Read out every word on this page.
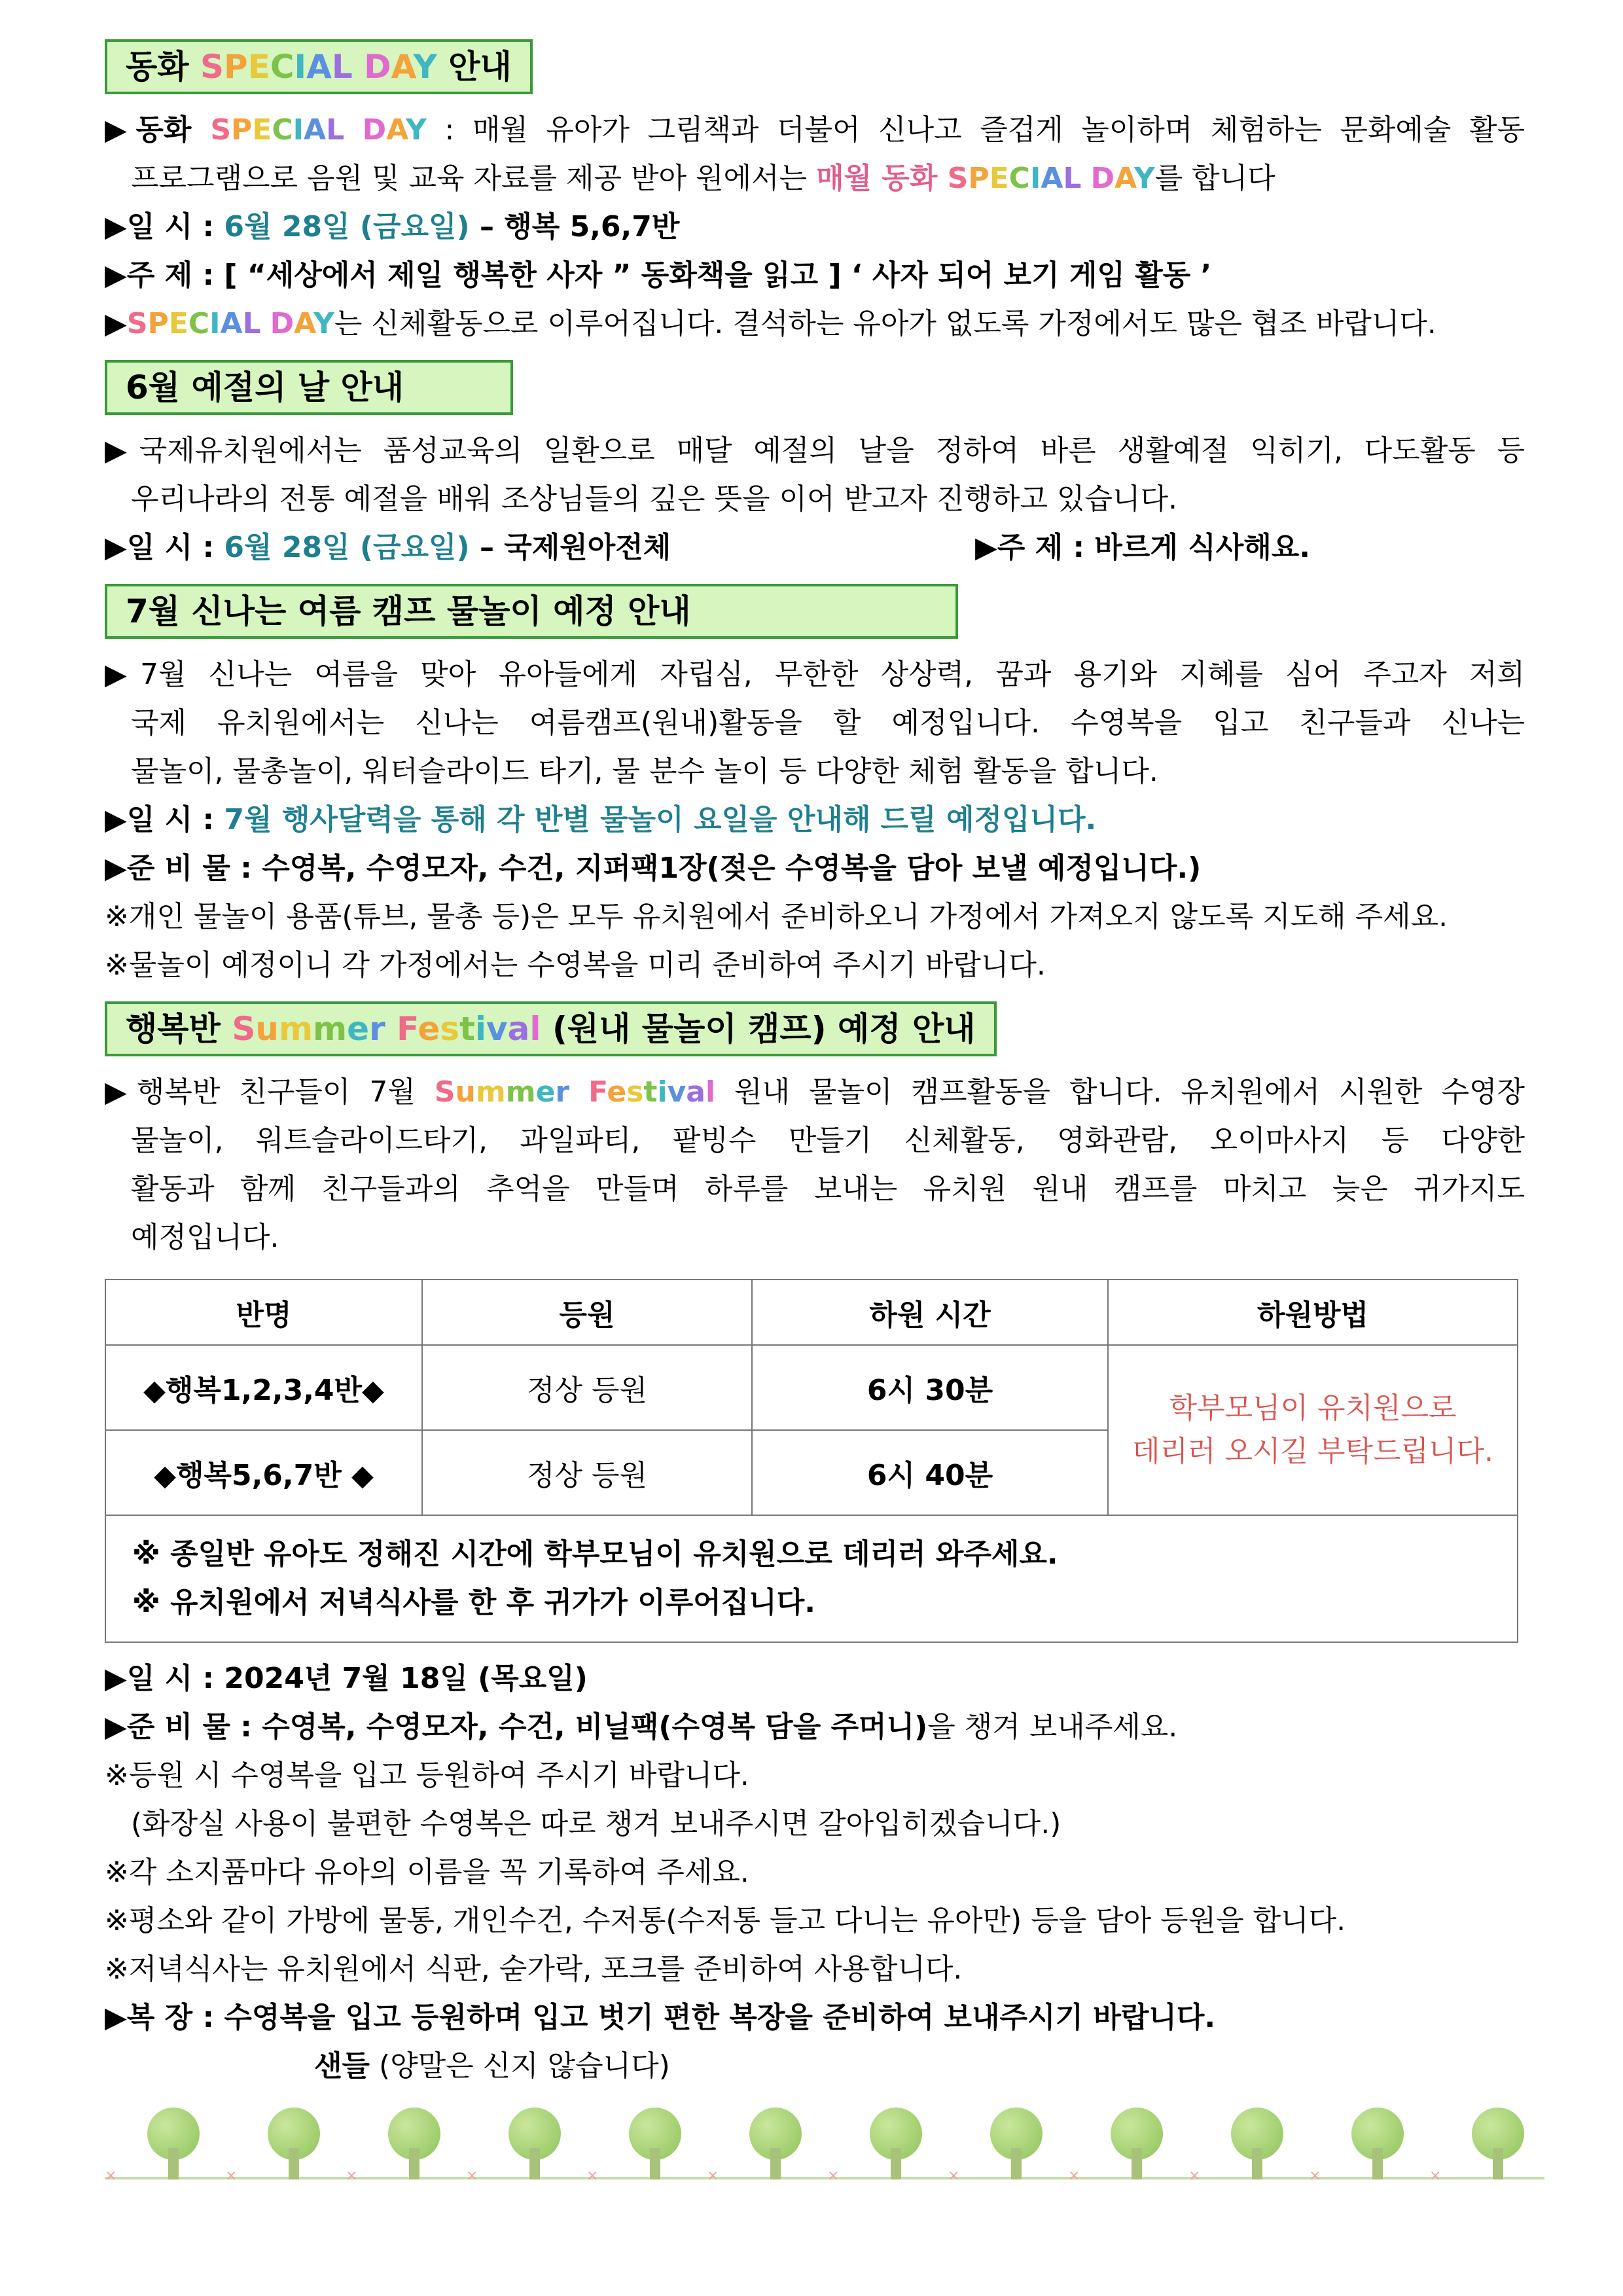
동화 SPECIAL DAY 안내
▶동화 SPECIAL DAY : 매월 유아가 그림책과 더불어 신나고 즐겁게 놀이하며 체험하는 문화예술 활동
프로그램으로 음원 및 교육 자료를 제공 받아 원에서는 매월 동화 SPECIAL DAY를 합니다
▶일 시 : 6월 28일 (금요일) – 행복 5,6,7반
▶주 제 : [ “세상에서 제일 행복한 사자 ” 동화책을 읽고 ] ‘ 사자 되어 보기 게임 활동 ’
▶SPECIAL DAY는 신체활동으로 이루어집니다. 결석하는 유아가 없도록 가정에서도 많은 협조 바랍니다.
6월 예절의 날 안내
▶국제유치원에서는 품성교육의 일환으로 매달 예절의 날을 정하여 바른 생활예절 익히기, 다도활동 등
우리나라의 전통 예절을 배워 조상님들의 깊은 뜻을 이어 받고자 진행하고 있습니다.
▶일 시 : 6월 28일 (금요일) – 국제원아전체	▶주 제 : 바르게 식사해요.
7월 신나는 여름 캠프 물놀이 예정 안내
▶7월 신나는 여름을 맞아 유아들에게 자립심, 무한한 상상력, 꿈과 용기와 지혜를 심어 주고자 저희
국제 유치원에서는 신나는 여름캠프(원내)활동을 할 예정입니다. 수영복을 입고 친구들과 신나는
물놀이, 물총놀이, 워터슬라이드 타기, 물 분수 놀이 등 다양한 체험 활동을 합니다.
▶일 시 : 7월 행사달력을 통해 각 반별 물놀이 요일을 안내해 드릴 예정입니다.
▶준 비 물 : 수영복, 수영모자, 수건, 지퍼팩1장(젖은 수영복을 담아 보낼 예정입니다.)
※개인 물놀이 용품(튜브, 물총 등)은 모두 유치원에서 준비하오니 가정에서 가져오지 않도록 지도해 주세요.
※물놀이 예정이니 각 가정에서는 수영복을 미리 준비하여 주시기 바랍니다.
행복반 Summer Festival (원내 물놀이 캠프) 예정 안내
▶행복반 친구들이 7월 Summer Festival 원내 물놀이 캠프활동을 합니다. 유치원에서 시원한 수영장
물놀이, 워트슬라이드타기, 과일파티, 팥빙수 만들기 신체활동, 영화관람, 오이마사지 등 다양한
활동과 함께 친구들과의 추억을 만들며 하루를 보내는 유치원 원내 캠프를 마치고 늦은 귀가지도
예정입니다.
반명	등원	하원 시간	하원방법
◆행복1,2,3,4반◆	정상 등원	6시 30분	학부모님이 유치원으로
데리러 오시길 부탁드립니다.

◆행복5,6,7반 ◆	정상 등원	6시 40분	

※ 종일반 유아도 정해진 시간에 학부모님이 유치원으로 데리러 와주세요.
※ 유치원에서 저녁식사를 한 후 귀가가 이루어집니다.			
▶일 시 : 2024년 7월 18일 (목요일)
▶준 비 물 : 수영복, 수영모자, 수건, 비닐팩(수영복 담을 주머니)을 챙겨 보내주세요.
※등원 시 수영복을 입고 등원하여 주시기 바랍니다.
(화장실 사용이 불편한 수영복은 따로 챙겨 보내주시면 갈아입히겠습니다.)
※각 소지품마다 유아의 이름을 꼭 기록하여 주세요.
※평소와 같이 가방에 물통, 개인수건, 수저통(수저통 들고 다니는 유아만) 등을 담아 등원을 합니다.
※저녁식사는 유치원에서 식판, 숟가락, 포크를 준비하여 사용합니다.
▶복 장 : 수영복을 입고 등원하며 입고 벗기 편한 복장을 준비하여 보내주시기 바랍니다.
샌들 (양말은 신지 않습니다)
×	×	×	×	×	×	×	×	×	×	×	×
